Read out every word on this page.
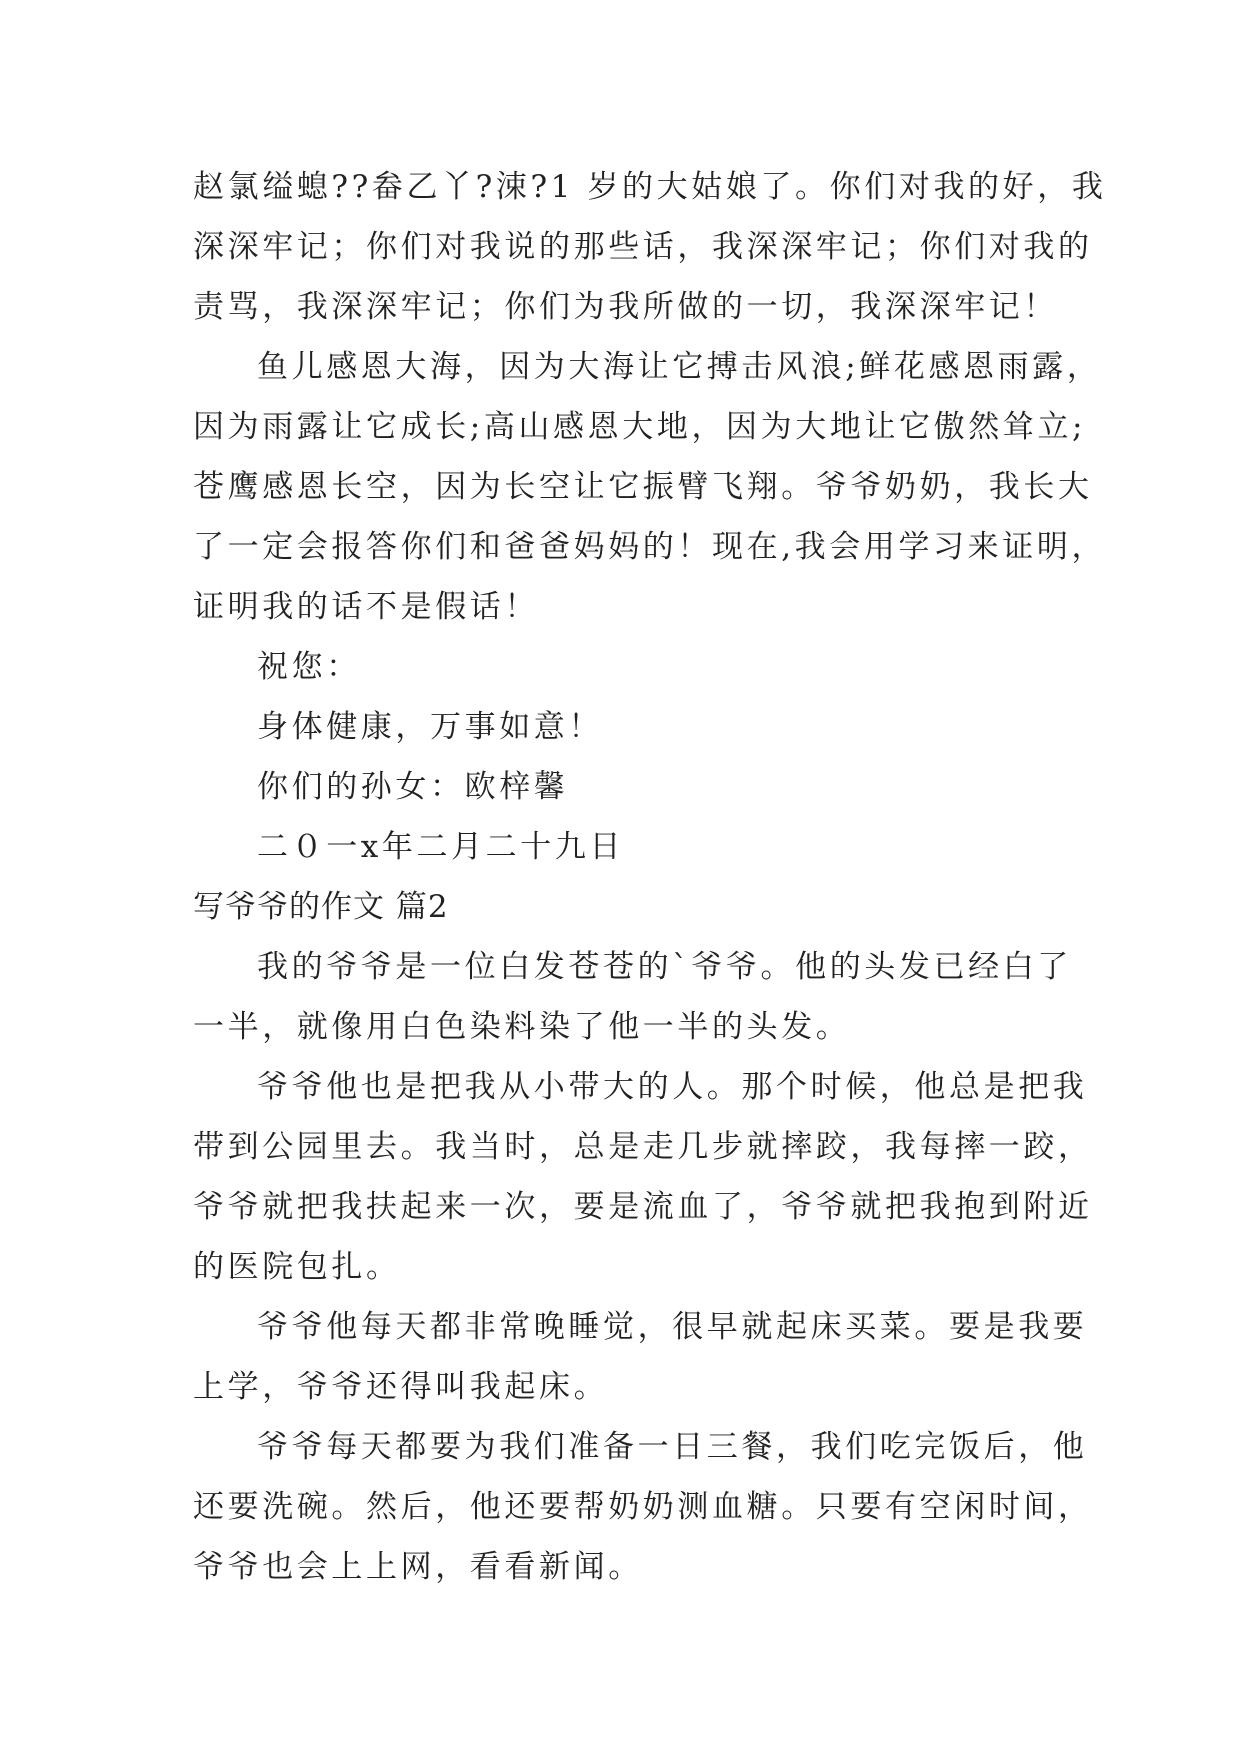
赵氯缢螅??畚乙丫?涑?1 岁的大姑娘了。你们对我的好，我
深深牢记；你们对我说的那些话，我深深牢记；你们对我的
责骂，我深深牢记；你们为我所做的一切，我深深牢记！
鱼儿感恩大海，因为大海让它搏击风浪;鲜花感恩雨露，
因为雨露让它成长;高山感恩大地，因为大地让它傲然耸立;
苍鹰感恩长空，因为长空让它振臂飞翔。爷爷奶奶，我长大
了一定会报答你们和爸爸妈妈的！现在,我会用学习来证明，
证明我的话不是假话！
祝您：
身体健康，万事如意！
你们的孙女：欧梓馨
二０一x年二月二十九日
写爷爷的作文 篇2
我的爷爷是一位白发苍苍的`爷爷。他的头发已经白了
一半，就像用白色染料染了他一半的头发。
爷爷他也是把我从小带大的人。那个时候，他总是把我
带到公园里去。我当时，总是走几步就摔跤，我每摔一跤，
爷爷就把我扶起来一次，要是流血了，爷爷就把我抱到附近
的医院包扎。
爷爷他每天都非常晚睡觉，很早就起床买菜。要是我要
上学，爷爷还得叫我起床。
爷爷每天都要为我们准备一日三餐，我们吃完饭后，他
还要洗碗。然后，他还要帮奶奶测血糖。只要有空闲时间，
爷爷也会上上网，看看新闻。
